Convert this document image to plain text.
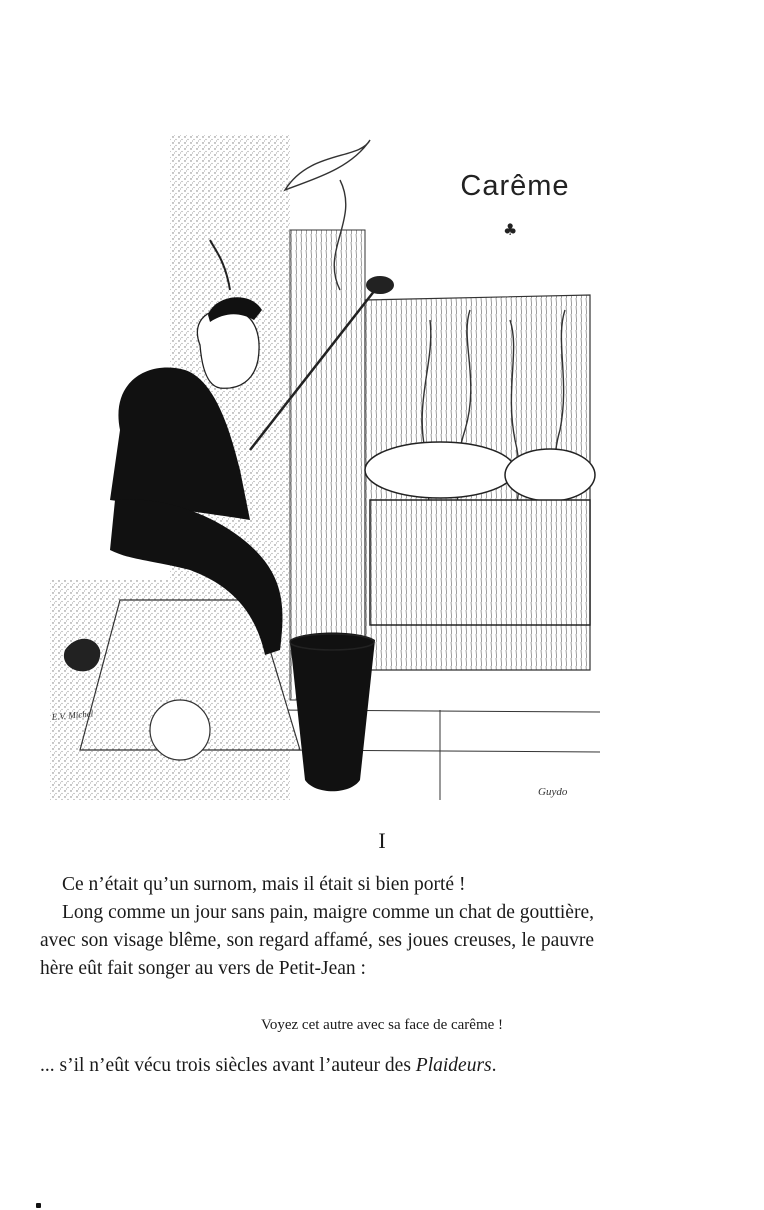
Guydo
E.V. Michel
Carême
♣
I
Ce n’était qu’un surnom, mais il était si bien porté !
Long comme un jour sans pain, maigre comme un chat de gouttière, avec son visage blême, son regard affamé, ses joues creuses, le pauvre hère eût fait songer au vers de Petit-Jean :
Voyez cet autre avec sa face de carême !
... s’il n’eût vécu trois siècles avant l’auteur des Plaideurs.
